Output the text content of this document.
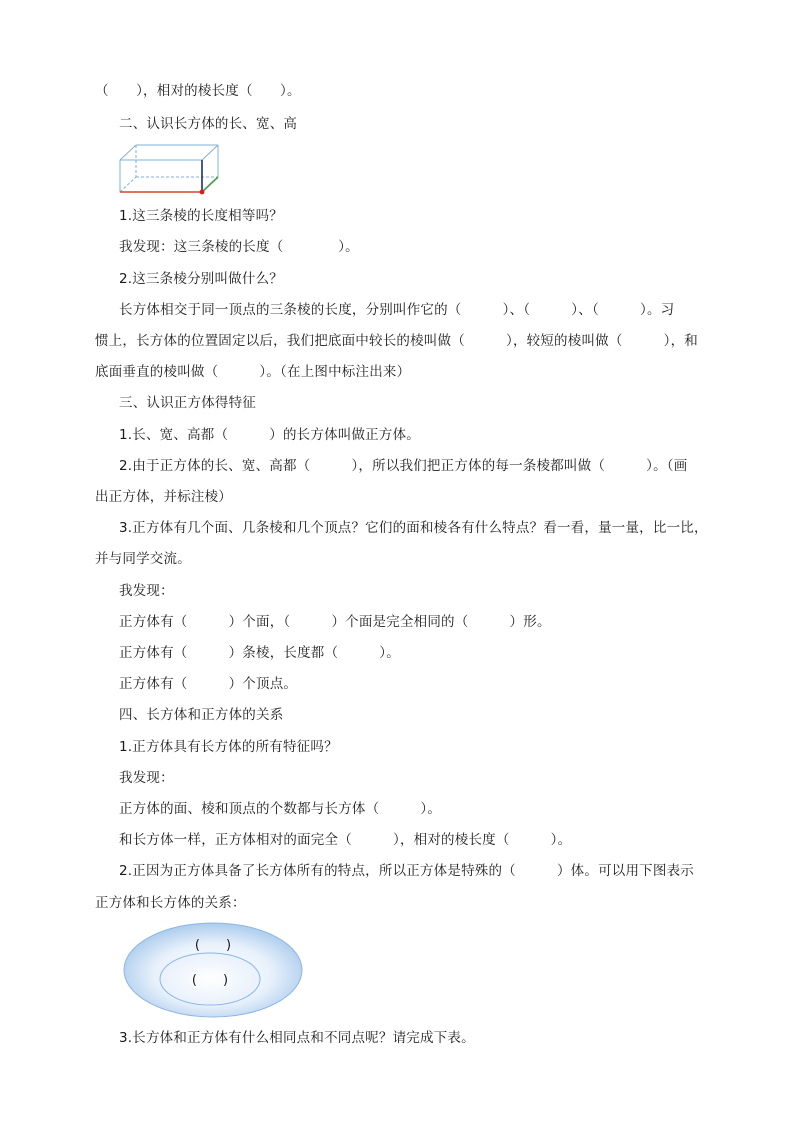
（　　），相对的棱长度（　　）。
二、认识长方体的长、宽、高
1.这三条棱的长度相等吗？
我发现：这三条棱的长度（　　　　）。
2.这三条棱分别叫做什么？
长方体相交于同一顶点的三条棱的长度，分别叫作它的（　　　）、（　　　）、（　　　）。习
惯上，长方体的位置固定以后，我们把底面中较长的棱叫做（　　　），较短的棱叫做（　　　），和
底面垂直的棱叫做（　　　）。（在上图中标注出来）
三、认识正方体得特征
1.长、宽、高都（　　　）的长方体叫做正方体。
2.由于正方体的长、宽、高都（　　　），所以我们把正方体的每一条棱都叫做（　　　）。（画
出正方体，并标注棱）
3.正方体有几个面、几条棱和几个顶点？它们的面和棱各有什么特点？看一看，量一量，比一比，
并与同学交流。
我发现：
正方体有（　　　）个面，（　　　）个面是完全相同的（　　　）形。
正方体有（　　　）条棱，长度都（　　　）。
正方体有（　　　）个顶点。
四、长方体和正方体的关系
1.正方体具有长方体的所有特征吗？
我发现：
正方体的面、棱和顶点的个数都与长方体（　　　）。
和长方体一样，正方体相对的面完全（　　　），相对的棱长度（　　　）。
2.正因为正方体具备了长方体所有的特点，所以正方体是特殊的（　　　）体。可以用下图表示
正方体和长方体的关系：
(　　)
(　　)
3.长方体和正方体有什么相同点和不同点呢？请完成下表。
